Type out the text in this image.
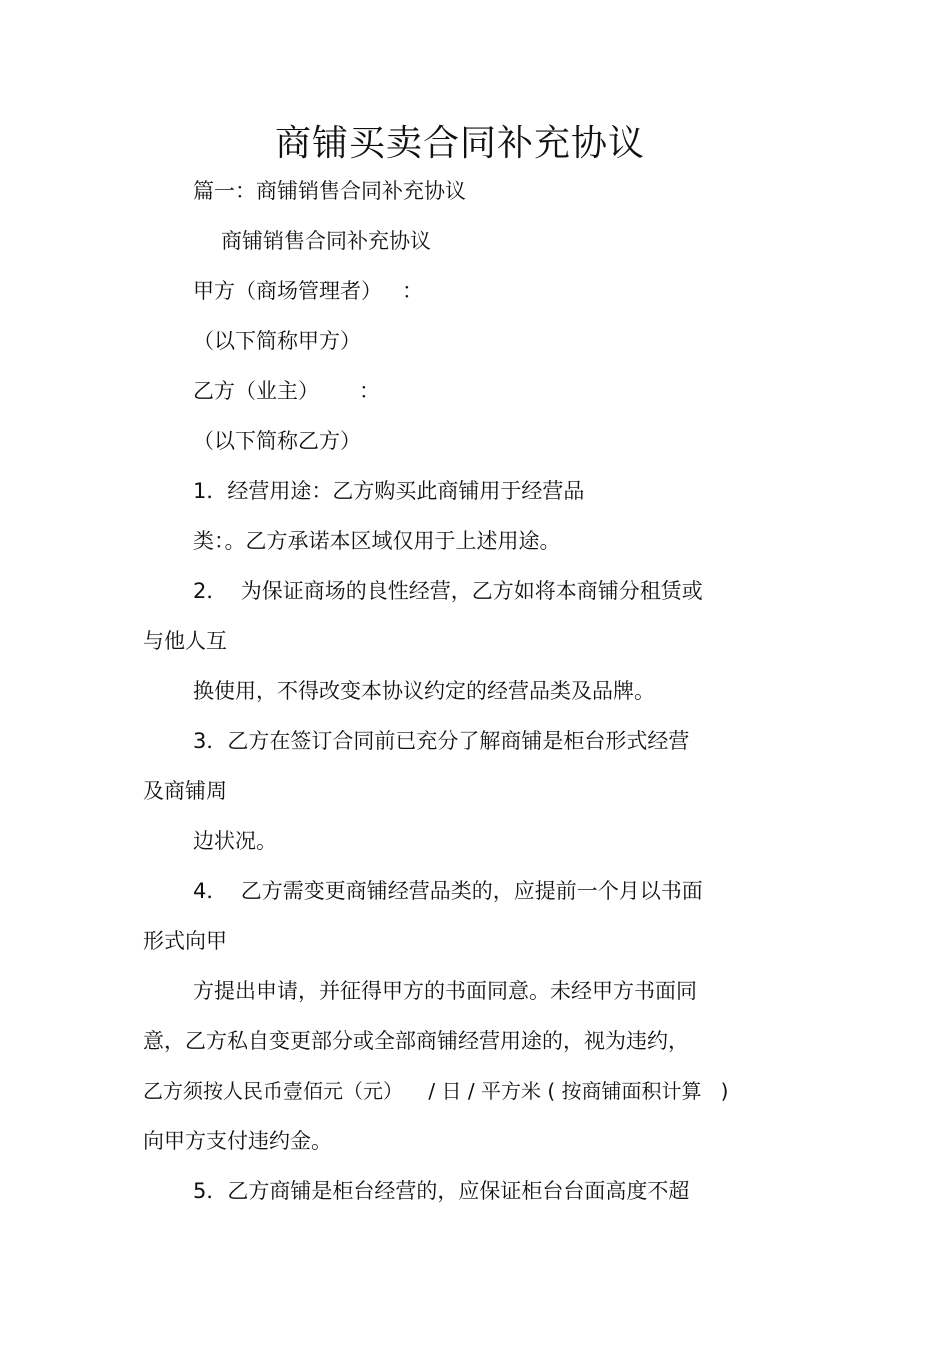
商铺买卖合同补充协议

篇一：商铺销售合同补充协议

商铺销售合同补充协议

甲方（商场管理者）   ：

（以下简称甲方）

乙方（业主）      ：

（以下简称乙方）

1．经营用途：乙方购买此商铺用于经营品

类：。乙方承诺本区域仅用于上述用途。

2．  为保证商场的良性经营，乙方如将本商铺分租赁或

与他人互

换使用，不得改变本协议约定的经营品类及品牌。

3．乙方在签订合同前已充分了解商铺是柜台形式经营

及商铺周

边状况。

4．  乙方需变更商铺经营品类的，应提前一个月以书面

形式向甲

方提出申请，并征得甲方的书面同意。未经甲方书面同

意，乙方私自变更部分或全部商铺经营用途的，视为违约，

乙方须按人民币壹佰元（元）    / 日 / 平方米 ( 按商铺面积计算   )

向甲方支付违约金。

5．乙方商铺是柜台经营的，应保证柜台台面高度不超
